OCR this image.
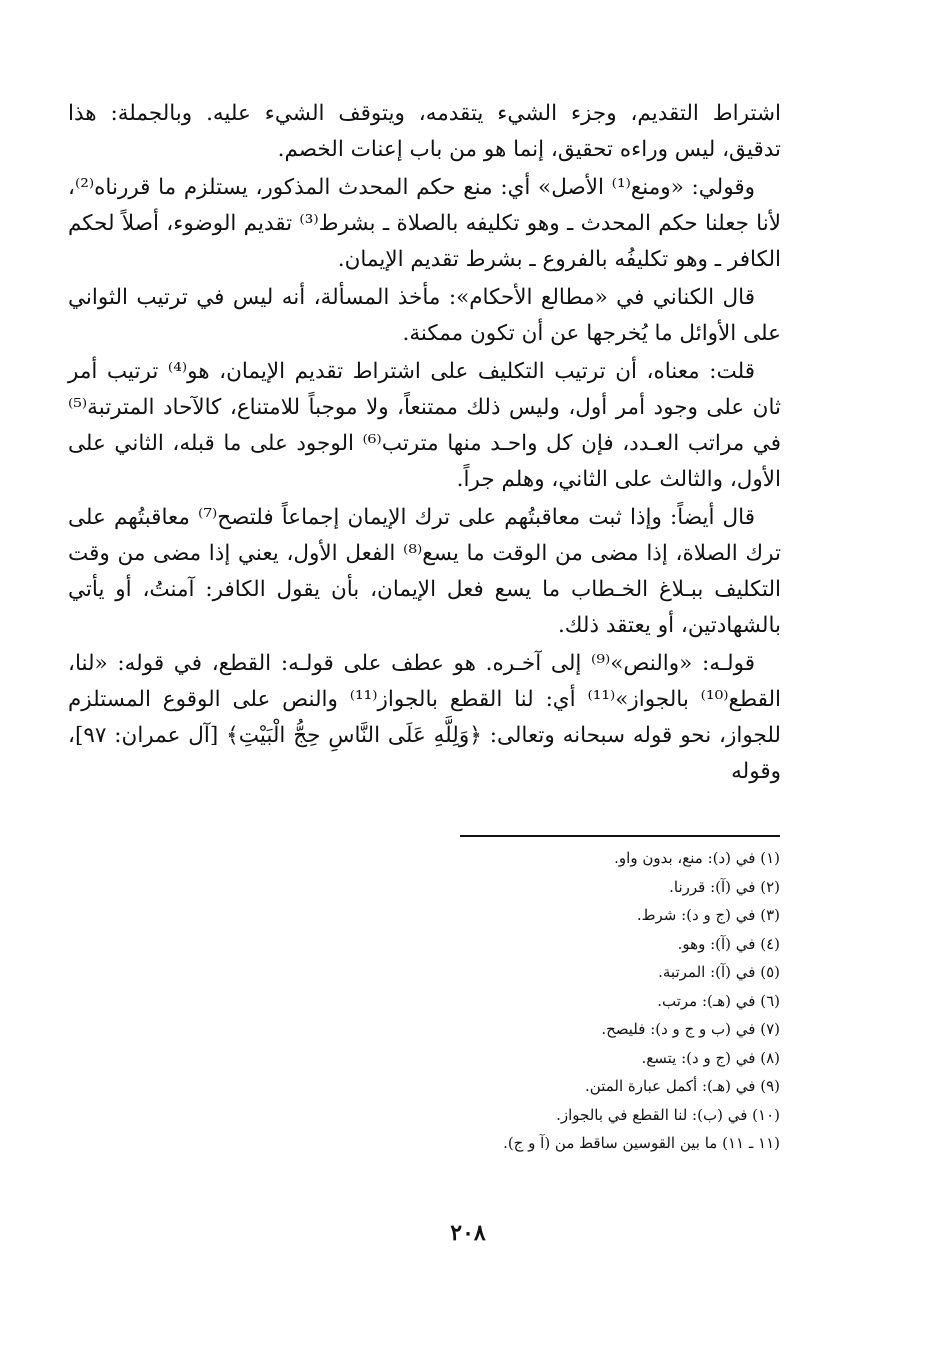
اشتراط التقديم، وجزء الشيء يتقدمه، ويتوقف الشيء عليه. وبالجملة: هذا تدقيق، ليس وراءه تحقيق، إنما هو من باب إعنات الخصم.

وقولي: «ومنع⁽¹⁾ الأصل» أي: منع حكم المحدث المذكور، يستلزم ما قررناه⁽²⁾، لأنا جعلنا حكم المحدث ـ وهو تكليفه بالصلاة ـ بشرط⁽³⁾ تقديم الوضوء، أصلاً لحكم الكافر ـ وهو تكليفُه بالفروع ـ بشرط تقديم الإيمان.

قال الكناني في «مطالع الأحكام»: مأخذ المسألة، أنه ليس في ترتيب الثواني على الأوائل ما يُخرجها عن أن تكون ممكنة.

قلت: معناه، أن ترتيب التكليف على اشتراط تقديم الإيمان، هو⁽⁴⁾ ترتيب أمر ثان على وجود أمر أول، وليس ذلك ممتنعاً، ولا موجباً للامتناع، كالآحاد المترتبة⁽⁵⁾ في مراتب العـدد، فإن كل واحـد منها مترتب⁽⁶⁾ الوجود على ما قبله، الثاني على الأول، والثالث على الثاني، وهلم جراً.

قال أيضاً: وإذا ثبت معاقبتُهم على ترك الإيمان إجماعاً فلتصح⁽⁷⁾ معاقبتُهم على ترك الصلاة، إذا مضى من الوقت ما يسع⁽⁸⁾ الفعل الأول، يعني إذا مضى من وقت التكليف ببـلاغ الخـطاب ما يسع فعل الإيمان، بأن يقول الكافر: آمنتُ، أو يأتي بالشهادتين، أو يعتقد ذلك.

قولـه: «والنص»⁽⁹⁾ إلى آخـره. هو عطف على قولـه: القطع، في قوله: «لنا، القطع⁽¹⁰⁾ بالجواز»⁽¹¹⁾ أي: لنا القطع بالجواز⁽¹¹⁾ والنص على الوقوع المستلزم للجواز، نحو قوله سبحانه وتعالى: ﴿وَلِلَّهِ عَلَى النَّاسِ حِجُّ الْبَيْتِ﴾ [آل عمران: ٩٧]، وقوله

(١) في (د): منع، بدون واو.
(٢) في (آ): قررنا.
(٣) في (ج و د): شرط.
(٤) في (آ): وهو.
(٥) في (آ): المرتبة.
(٦) في (هـ): مرتب.
(٧) في (ب و ج و د): فليصح.
(٨) في (ج و د): يتسع.
(٩) في (هـ): أكمل عبارة المتن.
(١٠) في (ب): لنا القطع في بالجواز.
(١١ ـ ١١) ما بين القوسين ساقط من (آ و ج).
٢٠٨
